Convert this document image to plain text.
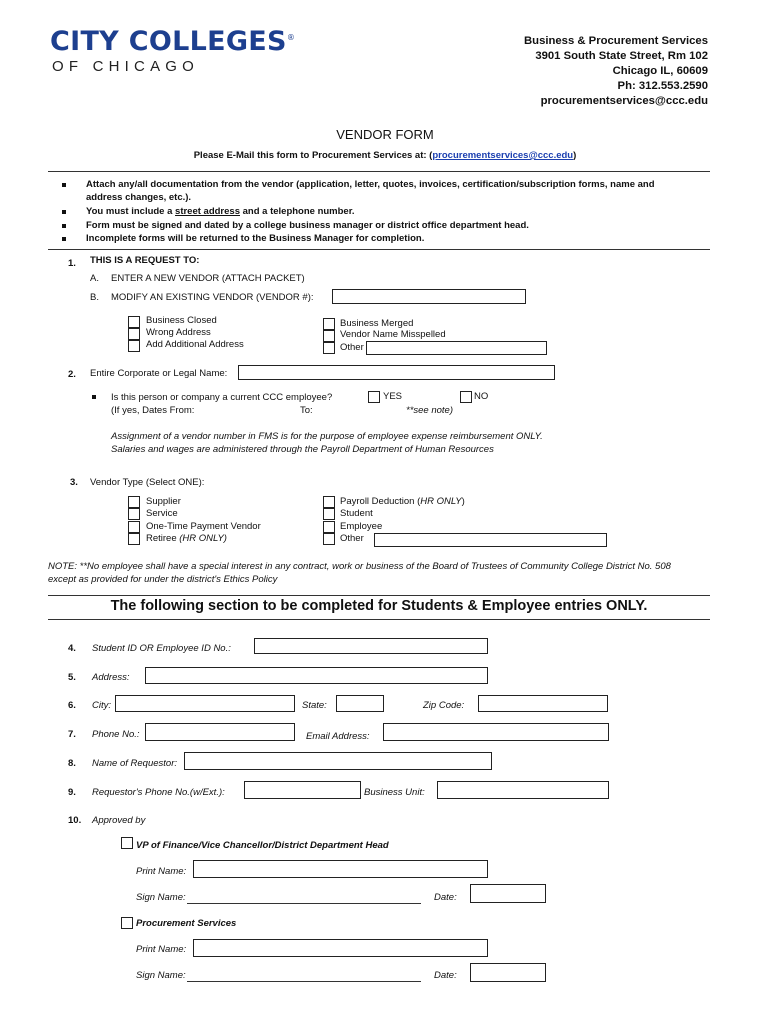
CITY COLLEGES®
OF CHICAGO
Business & Procurement Services
3901 South State Street, Rm 102
Chicago IL, 60609
Ph: 312.553.2590
procurementservices@ccc.edu
VENDOR FORM
Please E-Mail this form to Procurement Services at: (procurementservices@ccc.edu)
Attach any/all documentation from the vendor (application, letter, quotes, invoices, certification/subscription forms, name and
address changes, etc.).
You must include a street address and a telephone number.
Form must be signed and dated by a college business manager or district office department head.
Incomplete forms will be returned to the Business Manager for completion.
1. THIS IS A REQUEST TO:
A. ENTER A NEW VENDOR (ATTACH PACKET)
B. MODIFY AN EXISTING VENDOR (VENDOR #):
Business Closed
Wrong Address
Add Additional Address
Business Merged
Vendor Name Misspelled
Other
2. Entire Corporate or Legal Name:
Is this person or company a current CCC employee?	YES	NO
(If yes, Dates From:	To:	**see note)
Assignment of a vendor number in FMS is for the purpose of employee expense reimbursement ONLY.
Salaries and wages are administered through the Payroll Department of Human Resources
3. Vendor Type (Select ONE):
Supplier
Service
One-Time Payment Vendor
Retiree (HR ONLY)
Payroll Deduction (HR ONLY)
Student
Employee
Other
NOTE: **No employee shall have a special interest in any contract, work or business of the Board of Trustees of Community College District No. 508
except as provided for under the district's Ethics Policy
The following section to be completed for Students & Employee entries ONLY.
4. Student ID OR Employee ID No.:
5. Address:
6. City:	State:	Zip Code:
7. Phone No.:	Email Address:
8. Name of Requestor:
9. Requestor's Phone No.(w/Ext.):	Business Unit:
10. Approved by
VP of Finance/Vice Chancellor/District Department Head
Print Name:
Sign Name:	Date:
Procurement Services
Print Name:
Sign Name:	Date:
